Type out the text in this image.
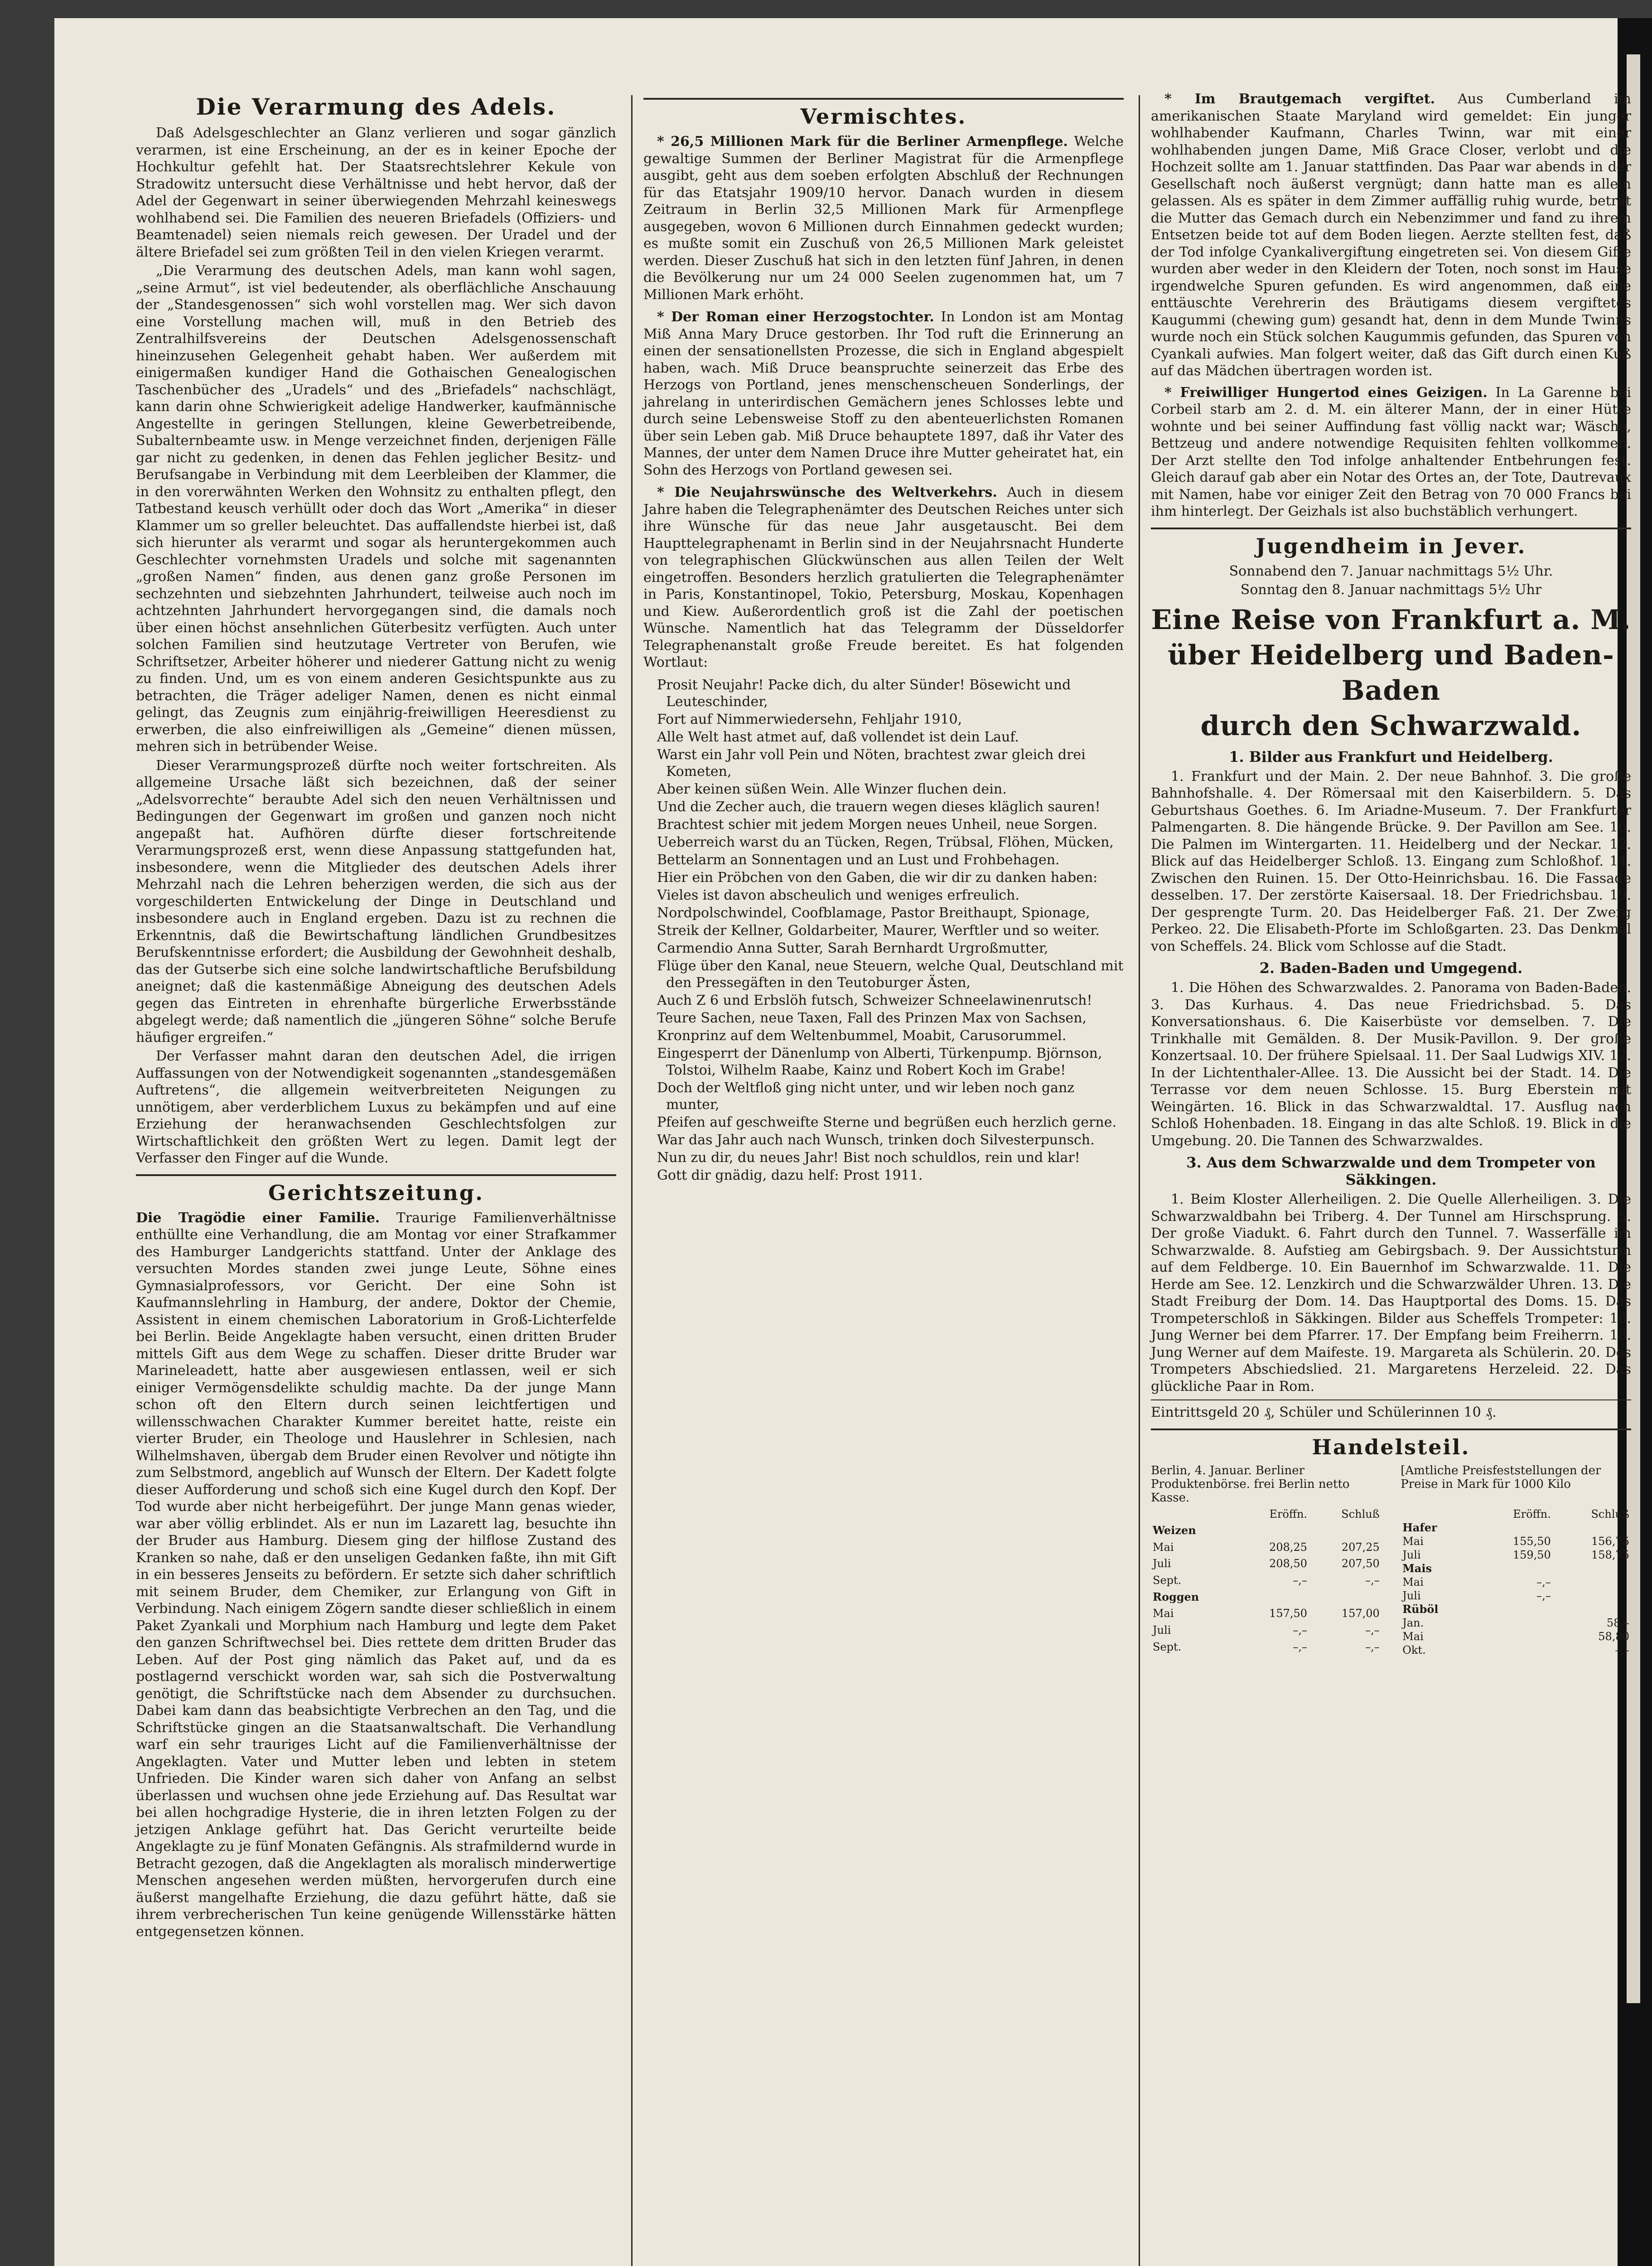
Die Verarmung des Adels.

Daß Adelsgeschlechter an Glanz verlieren und sogar gänzlich verarmen, ist eine Erscheinung, an der es in keiner Epoche der Hochkultur gefehlt hat. Der Staatsrechtslehrer Kekule von Stradowitz untersucht diese Verhältnisse und hebt hervor, daß der Adel der Gegenwart in seiner überwiegenden Mehrzahl keineswegs wohlhabend sei. Die Familien des neueren Briefadels (Offiziers- und Beamtenadel) seien niemals reich gewesen. Der Uradel und der ältere Briefadel sei zum größten Teil in den vielen Kriegen verarmt.

„Die Verarmung des deutschen Adels, man kann wohl sagen, „seine Armut“, ist viel bedeutender, als oberflächliche Anschauung der „Standesgenossen“ sich wohl vorstellen mag. Wer sich davon eine Vorstellung machen will, muß in den Betrieb des Zentralhilfsvereins der Deutschen Adelsgenossenschaft hineinzusehen Gelegenheit gehabt haben. Wer außerdem mit einigermaßen kundiger Hand die Gothaischen Genealogischen Taschenbücher des „Uradels“ und des „Briefadels“ nachschlägt, kann darin ohne Schwierigkeit adelige Handwerker, kaufmännische Angestellte in geringen Stellungen, kleine Gewerbetreibende, Subalternbeamte usw. in Menge verzeichnet finden, derjenigen Fälle gar nicht zu gedenken, in denen das Fehlen jeglicher Besitz- und Berufsangabe in Verbindung mit dem Leerbleiben der Klammer, die in den vorerwähnten Werken den Wohnsitz zu enthalten pflegt, den Tatbestand keusch verhüllt oder doch das Wort „Amerika“ in dieser Klammer um so greller beleuchtet. Das auffallendste hierbei ist, daß sich hierunter als verarmt und sogar als heruntergekommen auch Geschlechter vornehmsten Uradels und solche mit sagenannten „großen Namen“ finden, aus denen ganz große Personen im sechzehnten und siebzehnten Jahrhundert, teilweise auch noch im achtzehnten Jahrhundert hervorgegangen sind, die damals noch über einen höchst ansehnlichen Güterbesitz verfügten. Auch unter solchen Familien sind heutzutage Vertreter von Berufen, wie Schriftsetzer, Arbeiter höherer und niederer Gattung nicht zu wenig zu finden. Und, um es von einem anderen Gesichtspunkte aus zu betrachten, die Träger adeliger Namen, denen es nicht einmal gelingt, das Zeugnis zum einjährig-freiwilligen Heeresdienst zu erwerben, die also einfreiwilligen als „Gemeine“ dienen müssen, mehren sich in betrübender Weise.

Dieser Verarmungsprozeß dürfte noch weiter fortschreiten. Als allgemeine Ursache läßt sich bezeichnen, daß der seiner „Adelsvorrechte“ beraubte Adel sich den neuen Verhältnissen und Bedingungen der Gegenwart im großen und ganzen noch nicht angepaßt hat. Aufhören dürfte dieser fortschreitende Verarmungsprozeß erst, wenn diese Anpassung stattgefunden hat, insbesondere, wenn die Mitglieder des deutschen Adels ihrer Mehrzahl nach die Lehren beherzigen werden, die sich aus der vorgeschilderten Entwickelung der Dinge in Deutschland und insbesondere auch in England ergeben. Dazu ist zu rechnen die Erkenntnis, daß die Bewirtschaftung ländlichen Grundbesitzes Berufskenntnisse erfordert; die Ausbildung der Gewohnheit deshalb, das der Gutserbe sich eine solche landwirtschaftliche Berufsbildung aneignet; daß die kastenmäßige Abneigung des deutschen Adels gegen das Eintreten in ehrenhafte bürgerliche Erwerbsstände abgelegt werde; daß namentlich die „jüngeren Söhne“ solche Berufe häufiger ergreifen.“

Der Verfasser mahnt daran den deutschen Adel, die irrigen Auffassungen von der Notwendigkeit sogenannten „standesgemäßen Auftretens“, die allgemein weitverbreiteten Neigungen zu unnötigem, aber verderblichem Luxus zu bekämpfen und auf eine Erziehung der heranwachsenden Geschlechtsfolgen zur Wirtschaftlichkeit den größten Wert zu legen. Damit legt der Verfasser den Finger auf die Wunde.

Gerichtszeitung.

Die Tragödie einer Familie. Traurige Familienverhältnisse enthüllte eine Verhandlung, die am Montag vor einer Strafkammer des Hamburger Landgerichts stattfand. Unter der Anklage des versuchten Mordes standen zwei junge Leute, Söhne eines Gymnasialprofessors, vor Gericht. Der eine Sohn ist Kaufmannslehrling in Hamburg, der andere, Doktor der Chemie, Assistent in einem chemischen Laboratorium in Groß-Lichterfelde bei Berlin. Beide Angeklagte haben versucht, einen dritten Bruder mittels Gift aus dem Wege zu schaffen. Dieser dritte Bruder war Marineleadett, hatte aber ausgewiesen entlassen, weil er sich einiger Vermögensdelikte schuldig machte. Da der junge Mann schon oft den Eltern durch seinen leichtfertigen und willensschwachen Charakter Kummer bereitet hatte, reiste ein vierter Bruder, ein Theologe und Hauslehrer in Schlesien, nach Wilhelmshaven, übergab dem Bruder einen Revolver und nötigte ihn zum Selbstmord, angeblich auf Wunsch der Eltern. Der Kadett folgte dieser Aufforderung und schoß sich eine Kugel durch den Kopf. Der Tod wurde aber nicht herbeigeführt. Der junge Mann genas wieder, war aber völlig erblindet. Als er nun im Lazarett lag, besuchte ihn der Bruder aus Hamburg. Diesem ging der hilflose Zustand des Kranken so nahe, daß er den unseligen Gedanken faßte, ihn mit Gift in ein besseres Jenseits zu befördern. Er setzte sich daher schriftlich mit seinem Bruder, dem Chemiker, zur Erlangung von Gift in Verbindung. Nach einigem Zögern sandte dieser schließlich in einem Paket Zyankali und Morphium nach Hamburg und legte dem Paket den ganzen Schriftwechsel bei. Dies rettete dem dritten Bruder das Leben. Auf der Post ging nämlich das Paket auf, und da es postlagernd verschickt worden war, sah sich die Postverwaltung genötigt, die Schriftstücke nach dem Absender zu durchsuchen. Dabei kam dann das beabsichtigte Verbrechen an den Tag, und die Schriftstücke gingen an die Staatsanwaltschaft. Die Verhandlung warf ein sehr trauriges Licht auf die Familienverhältnisse der Angeklagten. Vater und Mutter leben und lebten in stetem Unfrieden. Die Kinder waren sich daher von Anfang an selbst überlassen und wuchsen ohne jede Erziehung auf. Das Resultat war bei allen hochgradige Hysterie, die in ihren letzten Folgen zu der jetzigen Anklage geführt hat. Das Gericht verurteilte beide Angeklagte zu je fünf Monaten Gefängnis. Als strafmildernd wurde in Betracht gezogen, daß die Angeklagten als moralisch minderwertige Menschen angesehen werden müßten, hervorgerufen durch eine äußerst mangelhafte Erziehung, die dazu geführt hätte, daß sie ihrem verbrecherischen Tun keine genügende Willensstärke hätten entgegensetzen können.

Vermischtes.

* 26,5 Millionen Mark für die Berliner Armenpflege. Welche gewaltige Summen der Berliner Magistrat für die Armenpflege ausgibt, geht aus dem soeben erfolgten Abschluß der Rechnungen für das Etatsjahr 1909/10 hervor. Danach wurden in diesem Zeitraum in Berlin 32,5 Millionen Mark für Armenpflege ausgegeben, wovon 6 Millionen durch Einnahmen gedeckt wurden; es mußte somit ein Zuschuß von 26,5 Millionen Mark geleistet werden. Dieser Zuschuß hat sich in den letzten fünf Jahren, in denen die Bevölkerung nur um 24 000 Seelen zugenommen hat, um 7 Millionen Mark erhöht.

* Der Roman einer Herzogstochter. In London ist am Montag Miß Anna Mary Druce gestorben. Ihr Tod ruft die Erinnerung an einen der sensationellsten Prozesse, die sich in England abgespielt haben, wach. Miß Druce beanspruchte seinerzeit das Erbe des Herzogs von Portland, jenes menschenscheuen Sonderlings, der jahrelang in unterirdischen Gemächern jenes Schlosses lebte und durch seine Lebensweise Stoff zu den abenteuerlichsten Romanen über sein Leben gab. Miß Druce behauptete 1897, daß ihr Vater des Mannes, der unter dem Namen Druce ihre Mutter geheiratet hat, ein Sohn des Herzogs von Portland gewesen sei.

* Die Neujahrswünsche des Weltverkehrs. Auch in diesem Jahre haben die Telegraphenämter des Deutschen Reiches unter sich ihre Wünsche für das neue Jahr ausgetauscht. Bei dem Haupttelegraphenamt in Berlin sind in der Neujahrsnacht Hunderte von telegraphischen Glückwünschen aus allen Teilen der Welt eingetroffen. Besonders herzlich gratulierten die Telegraphenämter in Paris, Konstantinopel, Tokio, Petersburg, Moskau, Kopenhagen und Kiew. Außerordentlich groß ist die Zahl der poetischen Wünsche. Namentlich hat das Telegramm der Düsseldorfer Telegraphenanstalt große Freude bereitet. Es hat folgenden Wortlaut:

Prosit Neujahr! Packe dich, du alter Sünder! Bösewicht und Leuteschinder,
Fort auf Nimmerwiedersehn, Fehljahr 1910,
Alle Welt hast atmet auf, daß vollendet ist dein Lauf.
Warst ein Jahr voll Pein und Nöten, brachtest zwar gleich drei Kometen,
Aber keinen süßen Wein. Alle Winzer fluchen dein.
Und die Zecher auch, die trauern wegen dieses kläglich sauren!
Brachtest schier mit jedem Morgen neues Unheil, neue Sorgen.
Ueberreich warst du an Tücken, Regen, Trübsal, Flöhen, Mücken,
Bettelarm an Sonnentagen und an Lust und Frohbehagen.
Hier ein Pröbchen von den Gaben, die wir dir zu danken haben:
Vieles ist davon abscheulich und weniges erfreulich.
Nordpolschwindel, Coofblamage, Pastor Breithaupt, Spionage,
Streik der Kellner, Goldarbeiter, Maurer, Werftler und so weiter.
Carmendio Anna Sutter, Sarah Bernhardt Urgroßmutter,
Flüge über den Kanal, neue Steuern, welche Qual, Deutschland mit den Pressegäften in den Teutoburger Ästen,
Auch Z 6 und Erbslöh futsch, Schweizer Schneelawinenrutsch!
Teure Sachen, neue Taxen, Fall des Prinzen Max von Sachsen,
Kronprinz auf dem Weltenbummel, Moabit, Carusorummel.
Eingesperrt der Dänenlump von Alberti, Türkenpump. Björnson, Tolstoi, Wilhelm Raabe, Kainz und Robert Koch im Grabe!
Doch der Weltfloß ging nicht unter, und wir leben noch ganz munter,
Pfeifen auf geschweifte Sterne und begrüßen euch herzlich gerne.
War das Jahr auch nach Wunsch, trinken doch Silvesterpunsch.
Nun zu dir, du neues Jahr! Bist noch schuldlos, rein und klar!
Gott dir gnädig, dazu helf: Prost 1911.

* Im Brautgemach vergiftet. Aus Cumberland im amerikanischen Staate Maryland wird gemeldet: Ein junger wohlhabender Kaufmann, Charles Twinn, war mit einer wohlhabenden jungen Dame, Miß Grace Closer, verlobt und die Hochzeit sollte am 1. Januar stattfinden. Das Paar war abends in der Gesellschaft noch äußerst vergnügt; dann hatte man es allein gelassen. Als es später in dem Zimmer auffällig ruhig wurde, betrat die Mutter das Gemach durch ein Nebenzimmer und fand zu ihrem Entsetzen beide tot auf dem Boden liegen. Aerzte stellten fest, daß der Tod infolge Cyankalivergiftung eingetreten sei. Von diesem Gifte wurden aber weder in den Kleidern der Toten, noch sonst im Hause irgendwelche Spuren gefunden. Es wird angenommen, daß eine enttäuschte Verehrerin des Bräutigams diesem vergiftetes Kaugummi (chewing gum) gesandt hat, denn in dem Munde Twinns wurde noch ein Stück solchen Kaugummis gefunden, das Spuren von Cyankali aufwies. Man folgert weiter, daß das Gift durch einen Kuß auf das Mädchen übertragen worden ist.

* Freiwilliger Hungertod eines Geizigen. In La Garenne bei Corbeil starb am 2. d. M. ein älterer Mann, der in einer Hütte wohnte und bei seiner Auffindung fast völlig nackt war; Wäsche, Bettzeug und andere notwendige Requisiten fehlten vollkommen. Der Arzt stellte den Tod infolge anhaltender Entbehrungen fest. Gleich darauf gab aber ein Notar des Ortes an, der Tote, Dautrevaux mit Namen, habe vor einiger Zeit den Betrag von 70 000 Francs bei ihm hinterlegt. Der Geizhals ist also buchstäblich verhungert.

Jugendheim in Jever.

Sonnabend den 7. Januar nachmittags 5½ Uhr.

Sonntag den 8. Januar nachmittags 5½ Uhr

Eine Reise von Frankfurt a. M.
über Heidelberg und Baden-Baden
durch den Schwarzwald.
1. Bilder aus Frankfurt und Heidelberg.

1. Frankfurt und der Main. 2. Der neue Bahnhof. 3. Die große Bahnhofshalle. 4. Der Römersaal mit den Kaiserbildern. 5. Das Geburtshaus Goethes. 6. Im Ariadne-Museum. 7. Der Frankfurter Palmengarten. 8. Die hängende Brücke. 9. Der Pavillon am See. 10. Die Palmen im Wintergarten. 11. Heidelberg und der Neckar. 12. Blick auf das Heidelberger Schloß. 13. Eingang zum Schloßhof. 14. Zwischen den Ruinen. 15. Der Otto-Heinrichsbau. 16. Die Fassade desselben. 17. Der zerstörte Kaisersaal. 18. Der Friedrichsbau. 19. Der gesprengte Turm. 20. Das Heidelberger Faß. 21. Der Zwerg Perkeo. 22. Die Elisabeth-Pforte im Schloßgarten. 23. Das Denkmal von Scheffels. 24. Blick vom Schlosse auf die Stadt.

2. Baden-Baden und Umgegend.

1. Die Höhen des Schwarzwaldes. 2. Panorama von Baden-Baden. 3. Das Kurhaus. 4. Das neue Friedrichsbad. 5. Das Konversationshaus. 6. Die Kaiserbüste vor demselben. 7. Die Trinkhalle mit Gemälden. 8. Der Musik-Pavillon. 9. Der große Konzertsaal. 10. Der frühere Spielsaal. 11. Der Saal Ludwigs XIV. 12. In der Lichtenthaler-Allee. 13. Die Aussicht bei der Stadt. 14. Die Terrasse vor dem neuen Schlosse. 15. Burg Eberstein mit Weingärten. 16. Blick in das Schwarzwaldtal. 17. Ausflug nach Schloß Hohenbaden. 18. Eingang in das alte Schloß. 19. Blick in die Umgebung. 20. Die Tannen des Schwarzwaldes.

3. Aus dem Schwarzwalde und dem Trompeter von Säkkingen.

1. Beim Kloster Allerheiligen. 2. Die Quelle Allerheiligen. 3. Die Schwarzwaldbahn bei Triberg. 4. Der Tunnel am Hirschsprung. 5. Der große Viadukt. 6. Fahrt durch den Tunnel. 7. Wasserfälle im Schwarzwalde. 8. Aufstieg am Gebirgsbach. 9. Der Aussichtsturm auf dem Feldberge. 10. Ein Bauernhof im Schwarzwalde. 11. Die Herde am See. 12. Lenzkirch und die Schwarzwälder Uhren. 13. Die Stadt Freiburg der Dom. 14. Das Hauptportal des Doms. 15. Das Trompeterschloß in Säkkingen. Bilder aus Scheffels Trompeter: 16. Jung Werner bei dem Pfarrer. 17. Der Empfang beim Freiherrn. 18. Jung Werner auf dem Maifeste. 19. Margareta als Schülerin. 20. Des Trompeters Abschiedslied. 21. Margaretens Herzeleid. 22. Das glückliche Paar in Rom.

Eintrittsgeld 20 ₰, Schüler und Schülerinnen 10 ₰.

Handelsteil.
Berlin, 4. Januar. Berliner Produktenbörse. frei Berlin netto Kasse.
[Amtliche Preisfeststellungen der Preise in Mark für 1000 Kilo
	Eröffn.	Schluß
Weizen		
Mai	208,25	207,25
Juli	208,50	207,50
Sept.	–,–	–,–

Roggen		
Mai	157,50	157,00
Juli	–,–	–,–
Sept.	–,–	–,–
	Eröffn.	Schluß
Hafer		
Mai	155,50	156,75
Juli	159,50	158,75
Mais		
Mai	–,–	
Juli	–,–	
Rüböl		
Jan.		58.–
Mai		58,80
Okt.		–,–
